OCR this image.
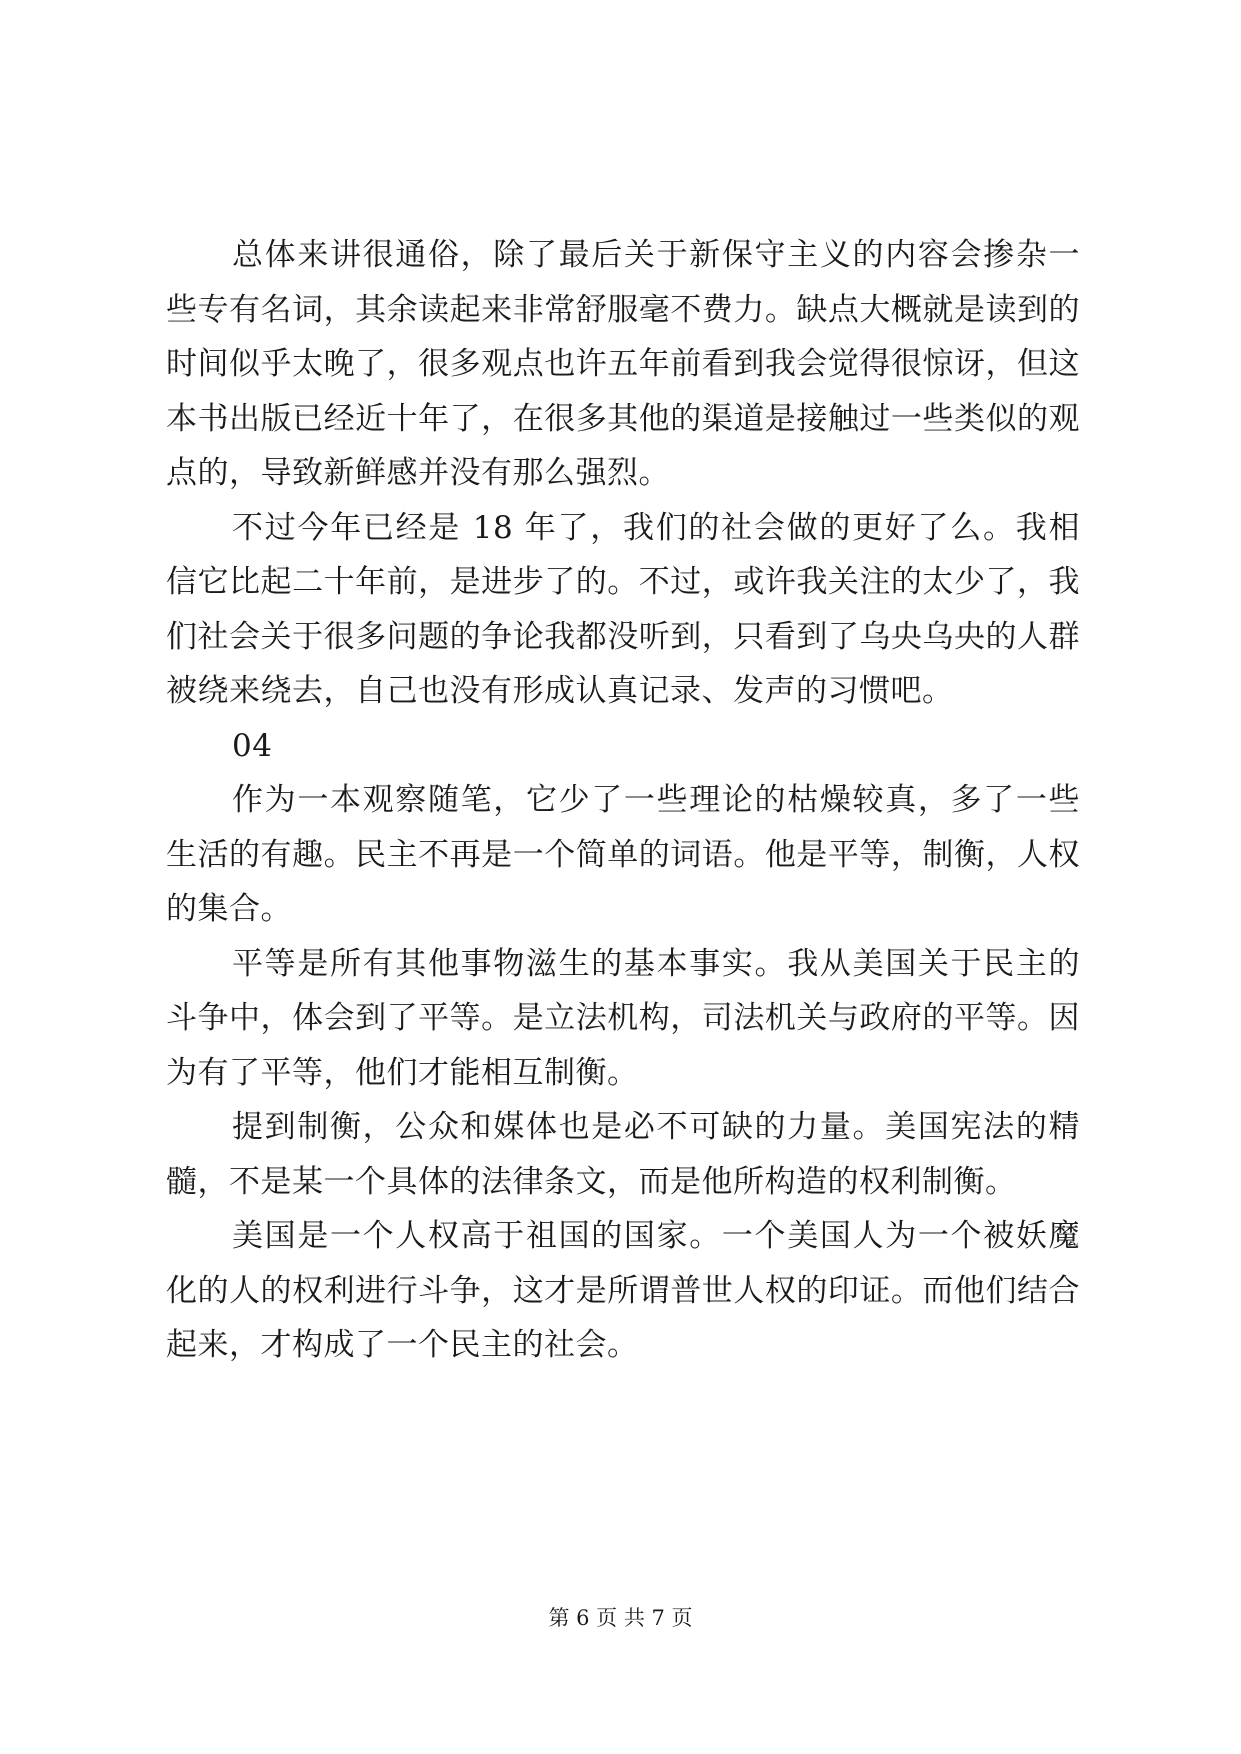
总体来讲很通俗，除了最后关于新保守主义的内容会掺杂一些专有名词，其余读起来非常舒服毫不费力。缺点大概就是读到的时间似乎太晚了，很多观点也许五年前看到我会觉得很惊讶，但这本书出版已经近十年了，在很多其他的渠道是接触过一些类似的观点的，导致新鲜感并没有那么强烈。

不过今年已经是 18 年了，我们的社会做的更好了么。我相信它比起二十年前，是进步了的。不过，或许我关注的太少了，我们社会关于很多问题的争论我都没听到，只看到了乌央乌央的人群被绕来绕去，自己也没有形成认真记录、发声的习惯吧。

04

作为一本观察随笔，它少了一些理论的枯燥较真，多了一些生活的有趣。民主不再是一个简单的词语。他是平等，制衡，人权的集合。

平等是所有其他事物滋生的基本事实。我从美国关于民主的斗争中，体会到了平等。是立法机构，司法机关与政府的平等。因为有了平等，他们才能相互制衡。

提到制衡，公众和媒体也是必不可缺的力量。美国宪法的精髓，不是某一个具体的法律条文，而是他所构造的权利制衡。

美国是一个人权高于祖国的国家。一个美国人为一个被妖魔化的人的权利进行斗争，这才是所谓普世人权的印证。而他们结合起来，才构成了一个民主的社会。

第 6 页 共 7 页
